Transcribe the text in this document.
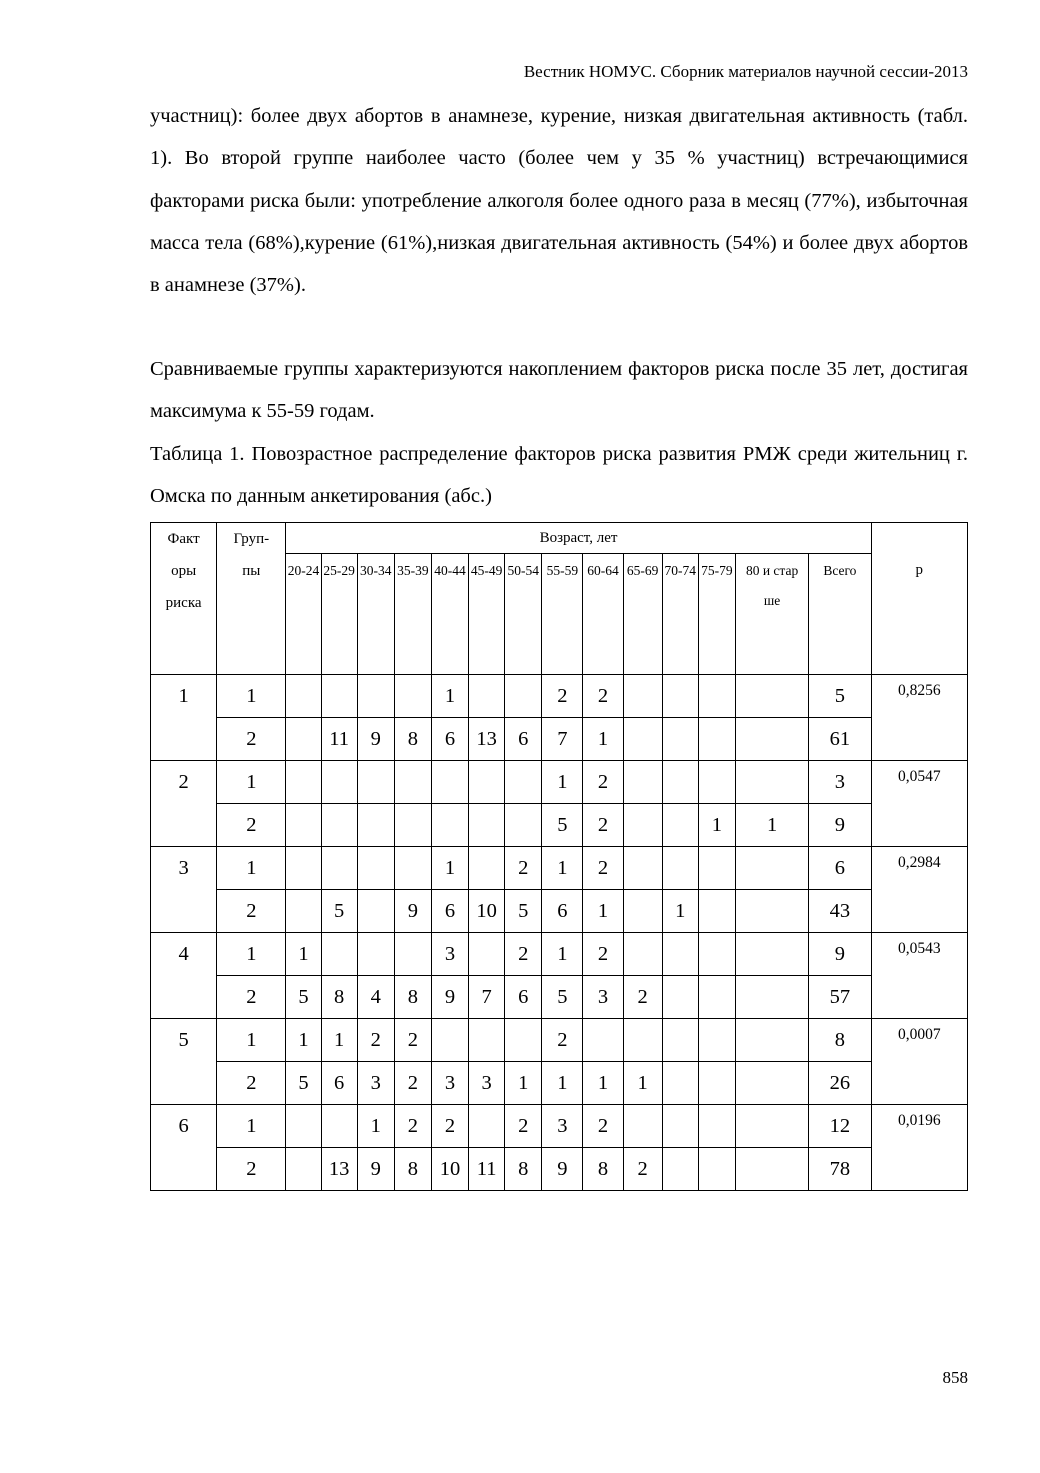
Вестник НОМУС. Сборник материалов научной сессии-2013

участниц): более двух абортов в анамнезе, курение, низкая двигательная активность (табл. 1). Во второй группе наиболее часто (более чем у 35 % участниц) встречающимися факторами риска были: употребление алкоголя более одного раза в месяц (77%), избыточная масса тела (68%),курение (61%),низкая двигательная активность (54%) и более двух абортов в анамнезе (37%).

Сравниваемые группы характеризуются накоплением факторов риска после 35 лет, достигая максимума к 55-59 годам.

Таблица 1. Повозрастное распределение факторов риска развития РМЖ среди жительниц г. Омска по данным анкетирования (абс.)

Факт оры риска	Груп- пы	Возраст, лет														р
		20-24	25-29	30-34	35-39	40-44	45-49	50-54	55-59	60-64	65-69	70-74	75-79	80 и старше	Всего	
1	1					1			2	2					5	0,8256
	2		11	9	8	6	13	6	7	1					61	
2	1								1	2					3	0,0547
	2								5	2			1	1	9	
3	1					1		2	1	2					6	0,2984
	2		5		9	6	10	5	6	1		1			43	
4	1	1				3		2	1	2					9	0,0543
	2	5	8	4	8	9	7	6	5	3	2				57	
5	1	1	1	2	2				2						8	0,0007
	2	5	6	3	2	3	3	1	1	1	1				26	
6	1			1	2	2		2	3	2					12	0,0196
	2		13	9	8	10	11	8	9	8	2				78	
858
